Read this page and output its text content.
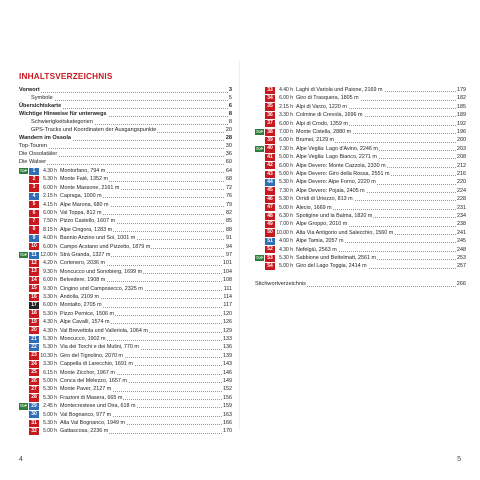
INHALTSVERZEICHNIS
Vorwort	3
Symbole	5
Übersichtskarte	6
Wichtige Hinweise für unterwegs	8
Schwierigkeitskategorien	8
GPS-Tracks und Koordinaten der Ausgangspunkte	20
Wandern im Ossola	28
Top-Touren	30
Die Ossolatäler	36
Die Walser	60
TOP	1	4.30 h Montorfano, 794 m	64
2	5.30 h Monte Faiè, 1352 m	68
3	6.00 h Monte Massone, 2161 m	72
4	2.15 h Capraga, 1000 m	76
5	4.15 h Alpe Marona, 680 m	79
6	6.00 h Val Toppa, 812 m	82
7	7.50 h Pizzo Castello, 1607 m	85
8	8.15 h Alpe Cingora, 1283 m	88
9	4.00 h Bannio Anzino und Soi, 1001 m	91
10	6.00 h Campo Acstano und Pizzetto, 1879 m	94
TOP 11 12.00 h Strà Granda, 1327 m	97
12	4.20 h Cortenero, 2036 m	101
13	9.30 h Moncucco und Sonobierg, 1699 m	104
14	6.00 h Belvedere, 1908 m	108
15	9.30 h Cingino und Camposecco, 2325 m	111
16	3.30 h Andolla, 2109 m	114
17	6.00 h Montalto, 2705 m	117
18	5.30 h Pizzo Pernice, 1506 m	120
19	4.30 h Alpe Cavalli, 1574 m	126
20	4.30 h Val Brevettola und Valleriola, 1064 m	129
21	5.30 h Moncucco, 1902 m	133
22	5.30 h Via dei Torchi e dei Mulini, 770 m	136
23 10.30 h Giro del Tignolino, 2070 m	139
24	3.30 h Cappella di Larecchio, 1691 m	143
25	6.15 h Monte Zicchor, 1967 m	146
26	5.00 h Conca del Melezzo, 1657 m	149
27	5.30 h Monte Paver, 2127 m	152
28	5.30 h Frazioni di Masera, 665 m	156
TOP 29	2.45 h Montecrestese und Oira, 618 m	159
30	5.00 h Val Bognanco, 977 m	163
31	5.30 h Alta Val Bognanco, 1949 m	166
32	5.00 h Gattascosa, 2236 m	170
4
33	4.40 h Laghi di Variola und Paione, 2169 m	179
34	6.00 h Giro di Trasquera, 1805 m	182
35	2.15 h Alpi di Varzo, 1220 m	185
36	3.30 h Colmine di Crevola, 1696 m	189
37	6.00 h Alpi di Crodo, 1359 m	192
TOP 38	7.00 h Monte Cistella, 2880 m	196
39	6.00 h Brumei, 2129 m	200
TOP 40	7.30 h Alpe Veglia: Lago d'Avino, 2246 m	203
41	5.00 h Alpe Veglia: Lago Bianco, 2271 m	208
42	6.00 h Alpe Devero: Monte Cazzola, 2330 m	212
43	5.00 h Alpe Devero: Giro della Rossa, 2551 m	216
44	5.30 h Alpe Devero: Alpe Forno, 2220 m	220
45	7.30 h Alpe Devero: Pojala, 2405 m	224
46	5.30 h Orridi di Uriezzo, 813 m	228
47	5.00 h Alecio, 1669 m	231
48	6.30 h Spotigine und la Balma, 1820 m	234
49	7.00 h Alpe Groppo, 2010 m	238
50 10.00 h Alta Via Antigorio und Salecchio, 1560 m	241
51	4.00 h Alpe Tamia, 2057 m	245
52	4.30 h Nefelgiù, 2563 m	248
TOP 53	5.30 h Sabbione und Bettelmatt, 2561 m	253
54	5.00 h Giro del Lago Toggia, 2414 m	257
Stichwortverzeichnis	266
5
